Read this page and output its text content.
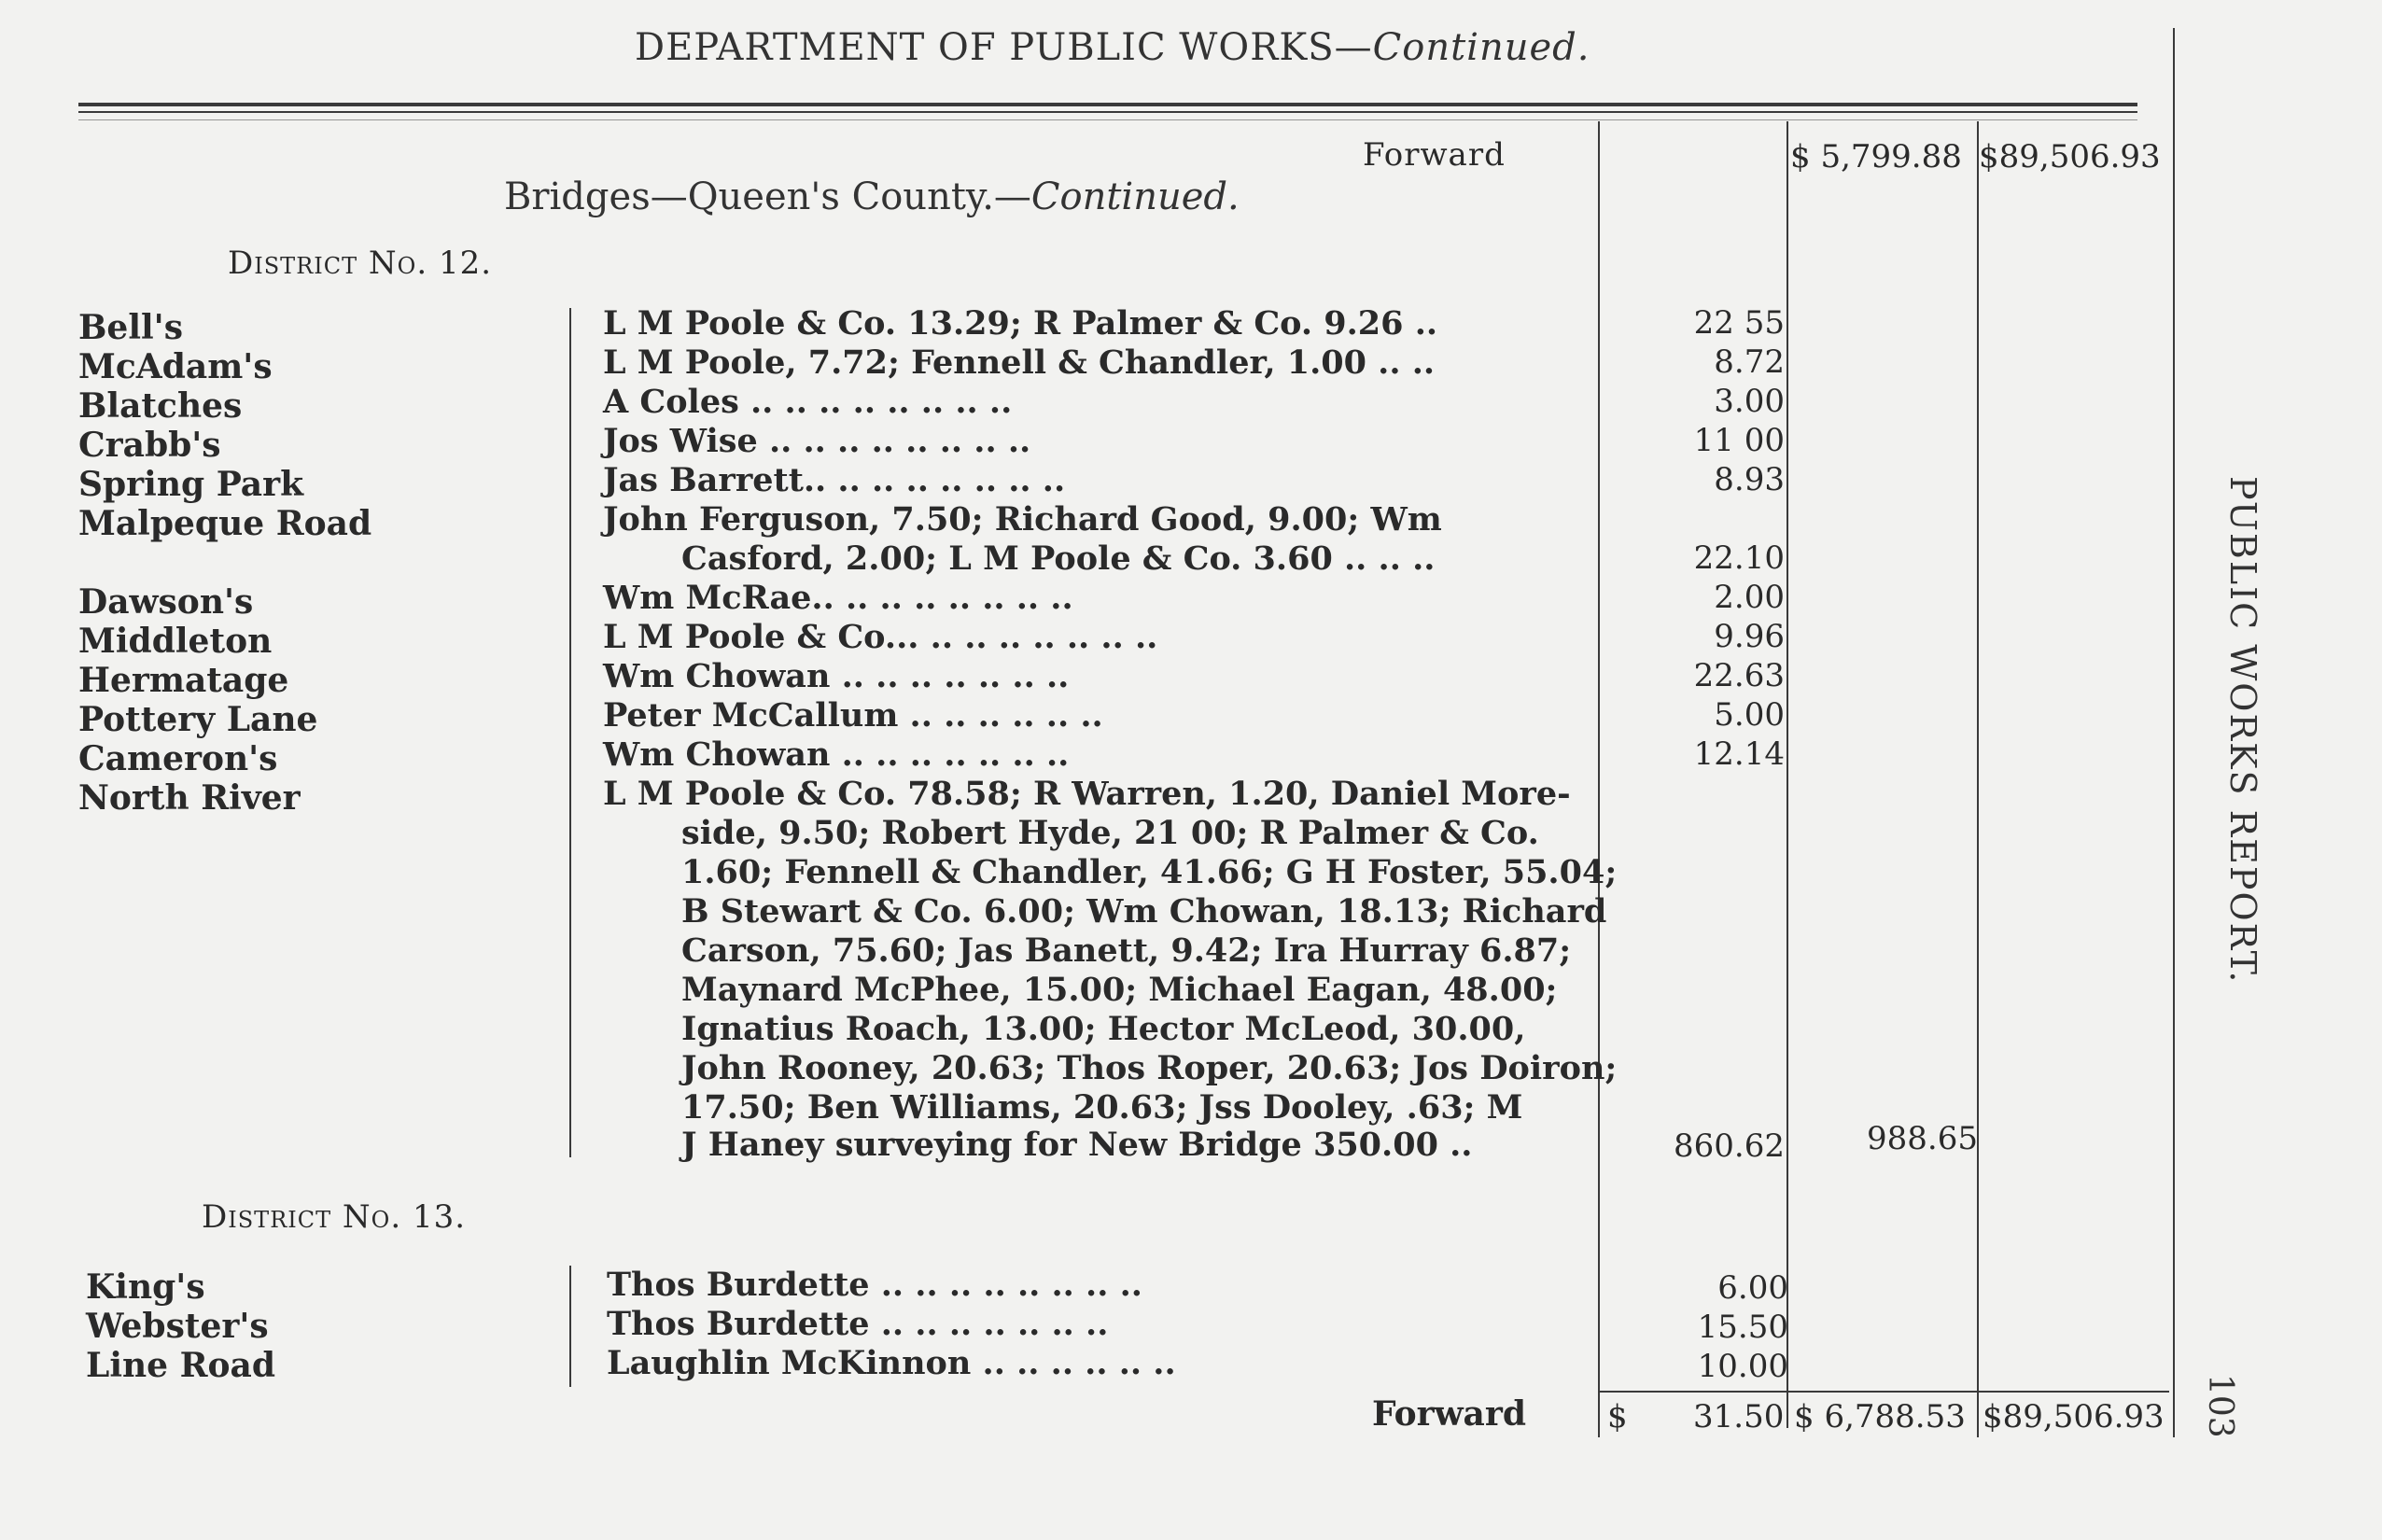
DEPARTMENT OF PUBLIC WORKS—Continued.
Forward	$ 5,799.88 $89,506.93
Bridges—Queen's County.—Continued.
District No. 12.
Bell's	L M Poole & Co. 13.29; R Palmer & Co. 9.26 ..	22 55
McAdam's	L M Poole, 7.72; Fennell & Chandler, 1.00 .. ..	8.72
Blatches	A Coles .. .. .. .. .. .. .. ..	3.00
Crabb's	Jos Wise .. .. .. .. .. .. .. ..	11 00
Spring Park	Jas Barrett.. .. .. .. .. .. .. ..	8.93
Malpeque Road	John Ferguson, 7.50; Richard Good, 9.00; Wm
Casford, 2.00; L M Poole & Co. 3.60 .. .. ..	22.10
Dawson's	Wm McRae.. .. .. .. .. .. .. ..	2.00
Middleton	L M Poole & Co... .. .. .. .. .. .. ..	9.96
Hermatage	Wm Chowan .. .. .. .. .. .. ..	22.63
Pottery Lane	Peter McCallum .. .. .. .. .. ..	5.00
Cameron's	Wm Chowan .. .. .. .. .. .. ..	12.14
North River	L M Poole & Co. 78.58; R Warren, 1.20, Daniel More-
side, 9.50; Robert Hyde, 21 00; R Palmer & Co.
1.60; Fennell & Chandler, 41.66; G H Foster, 55.04;
B Stewart & Co. 6.00; Wm Chowan, 18.13; Richard
Carson, 75.60; Jas Banett, 9.42; Ira Hurray 6.87;
Maynard McPhee, 15.00; Michael Eagan, 48.00;
Ignatius Roach, 13.00; Hector McLeod, 30.00,
John Rooney, 20.63; Thos Roper, 20.63; Jos Doiron;
17.50; Ben Williams, 20.63; Jss Dooley, .63; M
J Haney surveying for New Bridge 350.00 ..	860.62	988.65
District No. 13.
King's	Thos Burdette .. .. .. .. .. .. .. ..	6.00
Webster's	Thos Burdette .. .. .. .. .. .. ..	15.50
Line Road	Laughlin McKinnon .. .. .. .. .. ..	10.00
Forward	$ 31.50 $ 6,788.53 $89,506.93
PUBLIC WORKS REPORT.
103
